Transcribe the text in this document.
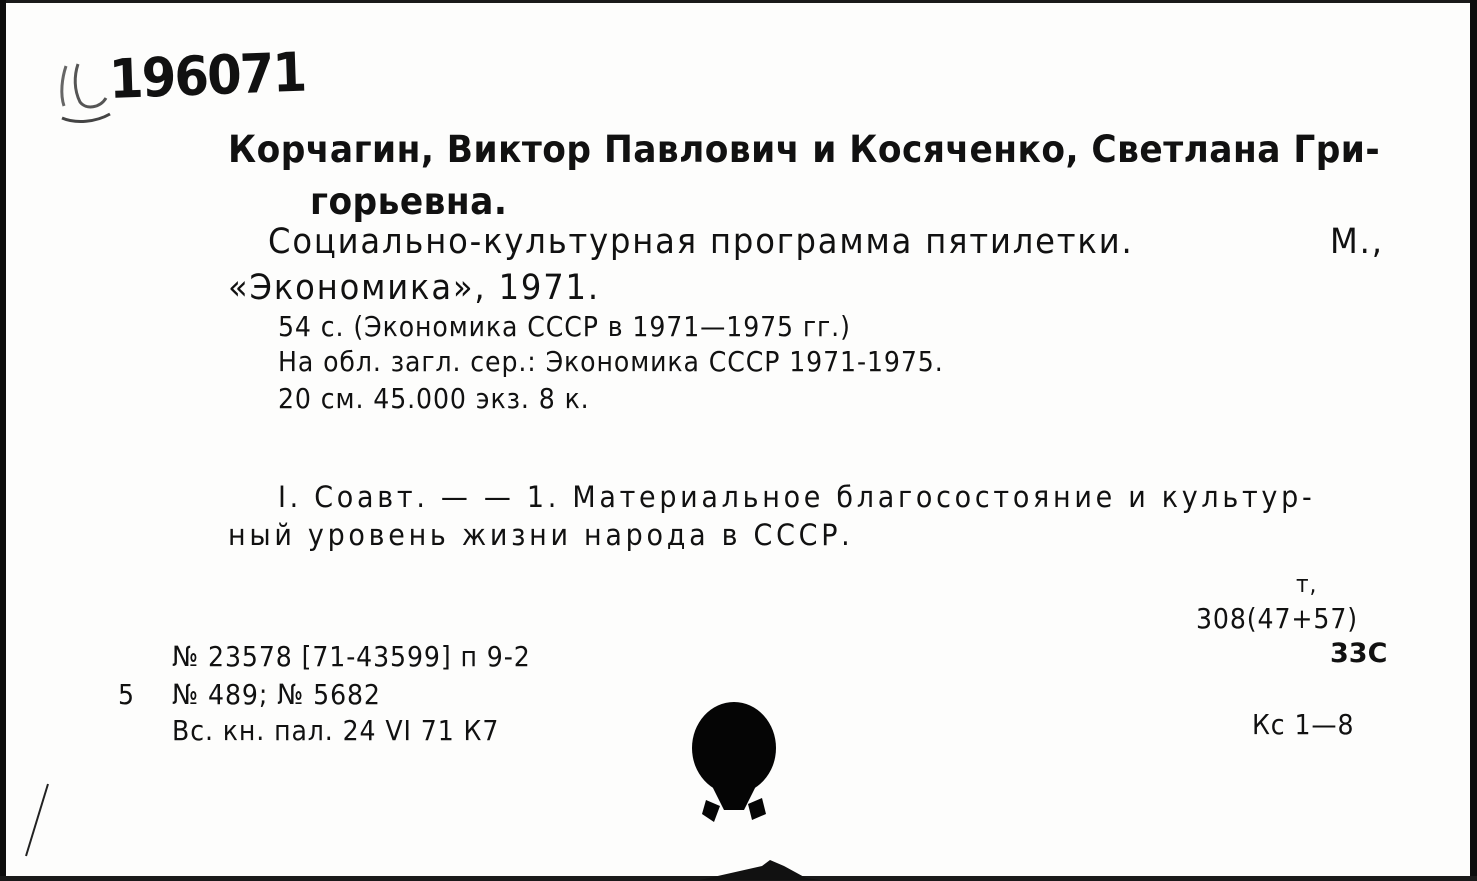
196071
Корчагин, Виктор Павлович и Косяченко, Светлана Гри-
горьевна.
Социально-культурная программа пятилетки.	М.,
«Экономика», 1971.
54 с. (Экономика СССР в 1971—1975 гг.)
На обл. загл. сер.: Экономика СССР 1971-1975.
20 см. 45.000 экз. 8 к.
I. Соавт. — — 1. Материальное благосостояние и культур-
ный уровень жизни народа в СССР.
т,
308(47+57)
33С
Кс 1—8
№ 23578 [71-43599] п 9-2
5 № 489; № 5682
Вс. кн. пал. 24 VI 71 К7
